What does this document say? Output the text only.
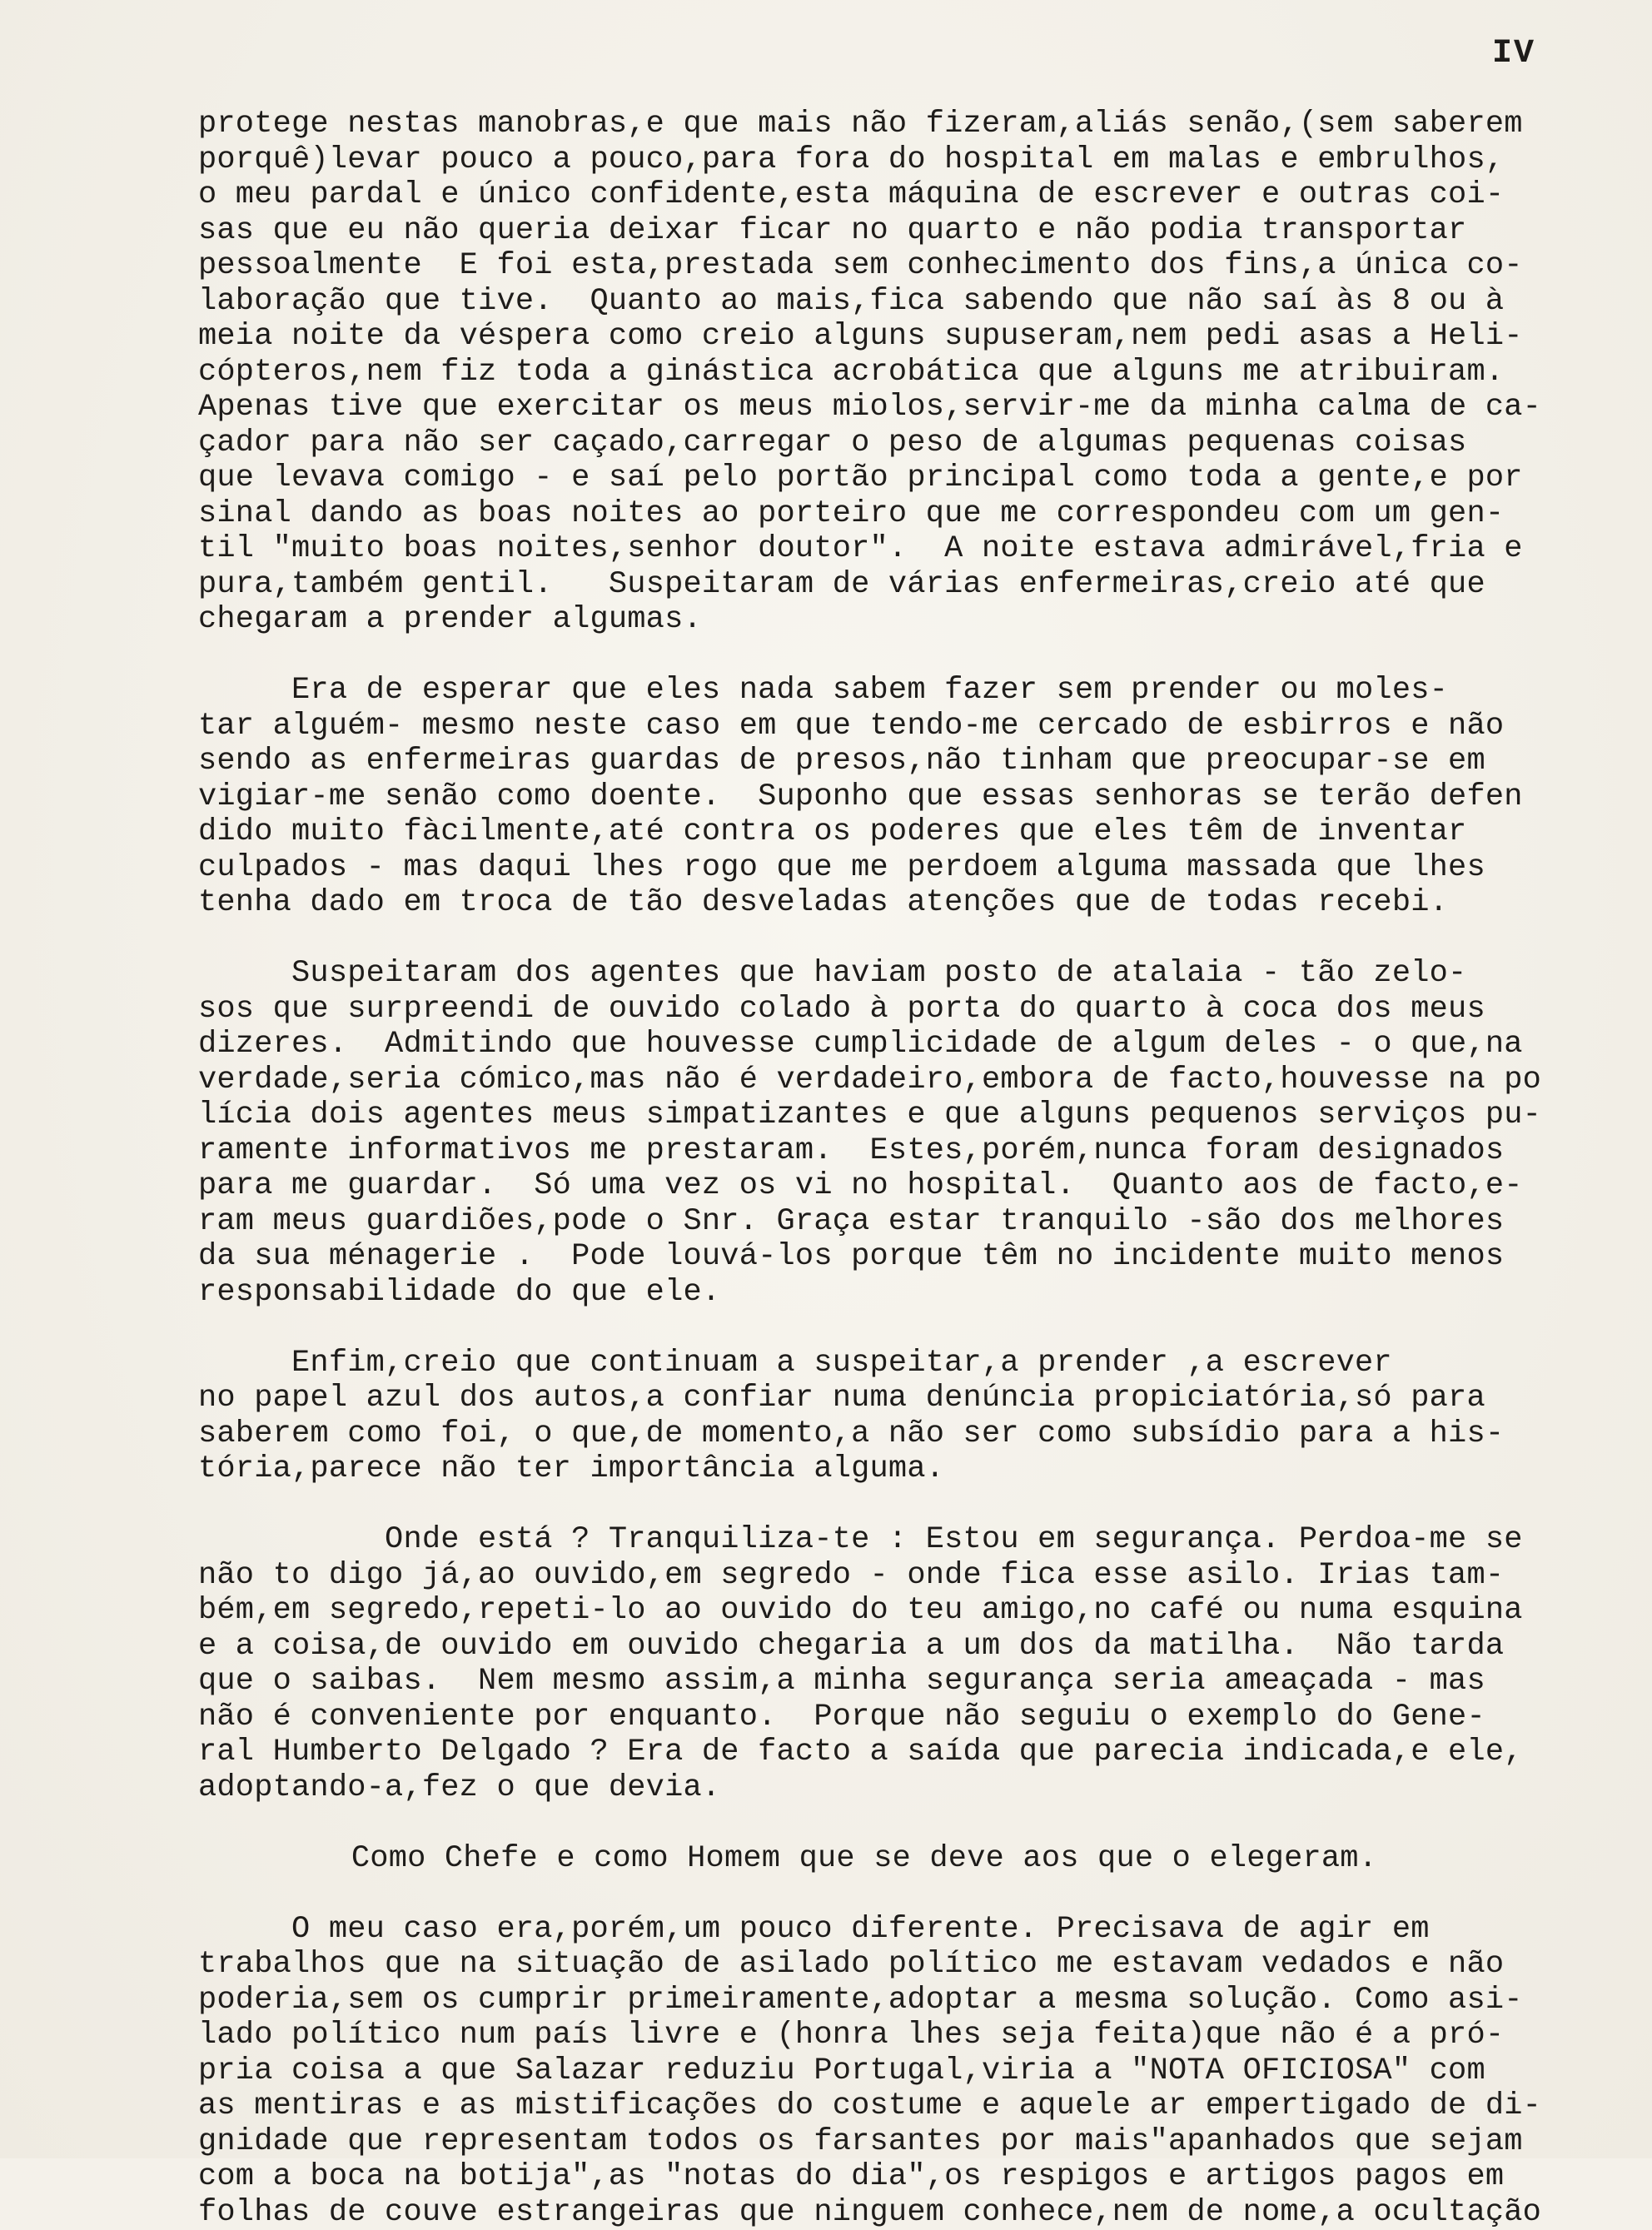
IV

protege nestas manobras,e que mais não fizeram,aliás senão,(sem saberem
porquê)levar pouco a pouco,para fora do hospital em malas e embrulhos,
o meu pardal e único confidente,esta máquina de escrever e outras coi-
sas que eu não queria deixar ficar no quarto e não podia transportar
pessoalmente  E foi esta,prestada sem conhecimento dos fins,a única co-
laboração que tive.  Quanto ao mais,fica sabendo que não saí às 8 ou à
meia noite da véspera como creio alguns supuseram,nem pedi asas a Heli-
cópteros,nem fiz toda a ginástica acrobática que alguns me atribuiram.
Apenas tive que exercitar os meus miolos,servir-me da minha calma de ca-
çador para não ser caçado,carregar o peso de algumas pequenas coisas
que levava comigo - e saí pelo portão principal como toda a gente,e por
sinal dando as boas noites ao porteiro que me correspondeu com um gen-
til "muito boas noites,senhor doutor".  A noite estava admirável,fria e
pura,também gentil.   Suspeitaram de várias enfermeiras,creio até que
chegaram a prender algumas.

Era de esperar que eles nada sabem fazer sem prender ou moles-
tar alguém- mesmo neste caso em que tendo-me cercado de esbirros e não
sendo as enfermeiras guardas de presos,não tinham que preocupar-se em
vigiar-me senão como doente.  Suponho que essas senhoras se terão defen
dido muito fàcilmente,até contra os poderes que eles têm de inventar
culpados - mas daqui lhes rogo que me perdoem alguma massada que lhes
tenha dado em troca de tão desveladas atenções que de todas recebi.

Suspeitaram dos agentes que haviam posto de atalaia - tão zelo-
sos que surpreendi de ouvido colado à porta do quarto à coca dos meus
dizeres.  Admitindo que houvesse cumplicidade de algum deles - o que,na
verdade,seria cómico,mas não é verdadeiro,embora de facto,houvesse na po
lícia dois agentes meus simpatizantes e que alguns pequenos serviços pu-
ramente informativos me prestaram.  Estes,porém,nunca foram designados
para me guardar.  Só uma vez os vi no hospital.  Quanto aos de facto,e-
ram meus guardiões,pode o Snr. Graça estar tranquilo -são dos melhores
da sua ménagerie .  Pode louvá-los porque têm no incidente muito menos
responsabilidade do que ele.

Enfim,creio que continuam a suspeitar,a prender ,a escrever
no papel azul dos autos,a confiar numa denúncia propiciatória,só para
saberem como foi, o que,de momento,a não ser como subsídio para a his-
tória,parece não ter importância alguma.

Onde está ? Tranquiliza-te : Estou em segurança. Perdoa-me se
não to digo já,ao ouvido,em segredo - onde fica esse asilo. Irias tam-
bém,em segredo,repeti-lo ao ouvido do teu amigo,no café ou numa esquina
e a coisa,de ouvido em ouvido chegaria a um dos da matilha.  Não tarda
que o saibas.  Nem mesmo assim,a minha segurança seria ameaçada - mas
não é conveniente por enquanto.  Porque não seguiu o exemplo do Gene-
ral Humberto Delgado ? Era de facto a saída que parecia indicada,e ele,
adoptando-a,fez o que devia.

Como Chefe e como Homem que se deve aos que o elegeram.

O meu caso era,porém,um pouco diferente. Precisava de agir em
trabalhos que na situação de asilado político me estavam vedados e não
poderia,sem os cumprir primeiramente,adoptar a mesma solução. Como asi-
lado político num país livre e (honra lhes seja feita)que não é a pró-
pria coisa a que Salazar reduziu Portugal,viria a "NOTA OFICIOSA" com
as mentiras e as mistificações do costume e aquele ar empertigado de di-
gnidade que representam todos os farsantes por mais"apanhados que sejam
com a boca na botija",as "notas do dia",os respigos e artigos pagos em
folhas de couve estrangeiras que ninguem conhece,nem de nome,a ocultação
